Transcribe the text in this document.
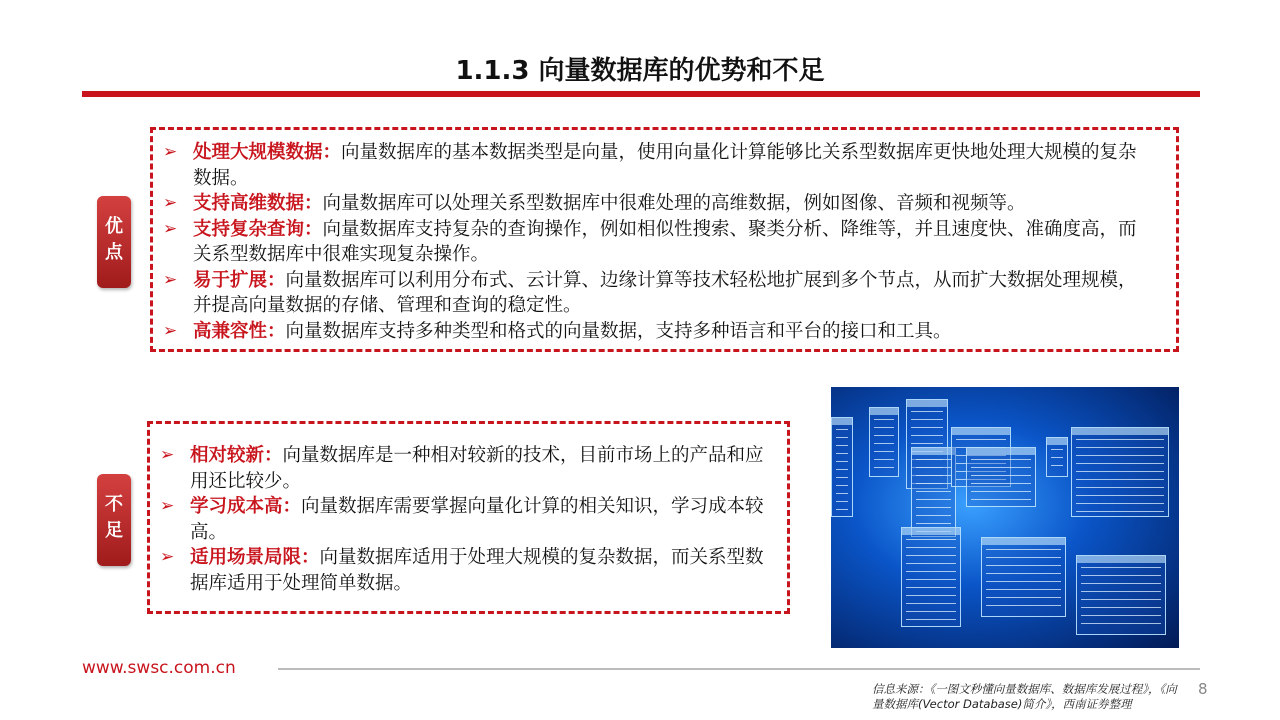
1.1.3 向量数据库的优势和不足
优点
➢ 处理大规模数据：向量数据库的基本数据类型是向量，使用向量化计算能够比关系型数据库更快地处理大规模的复杂数据。
➢ 支持高维数据：向量数据库可以处理关系型数据库中很难处理的高维数据，例如图像、音频和视频等。
➢ 支持复杂查询：向量数据库支持复杂的查询操作，例如相似性搜索、聚类分析、降维等，并且速度快、准确度高，而关系型数据库中很难实现复杂操作。
➢ 易于扩展：向量数据库可以利用分布式、云计算、边缘计算等技术轻松地扩展到多个节点，从而扩大数据处理规模，并提高向量数据的存储、管理和查询的稳定性。
➢ 高兼容性：向量数据库支持多种类型和格式的向量数据，支持多种语言和平台的接口和工具。
不足
➢ 相对较新：向量数据库是一种相对较新的技术，目前市场上的产品和应用还比较少。
➢ 学习成本高：向量数据库需要掌握向量化计算的相关知识，学习成本较高。
➢ 适用场景局限：向量数据库适用于处理大规模的复杂数据，而关系型数据库适用于处理简单数据。
www.swsc.com.cn
信息来源：《一图文秒懂向量数据库、数据库发展过程》，《向量数据库(Vector Database)简介》，西南证券整理
8
